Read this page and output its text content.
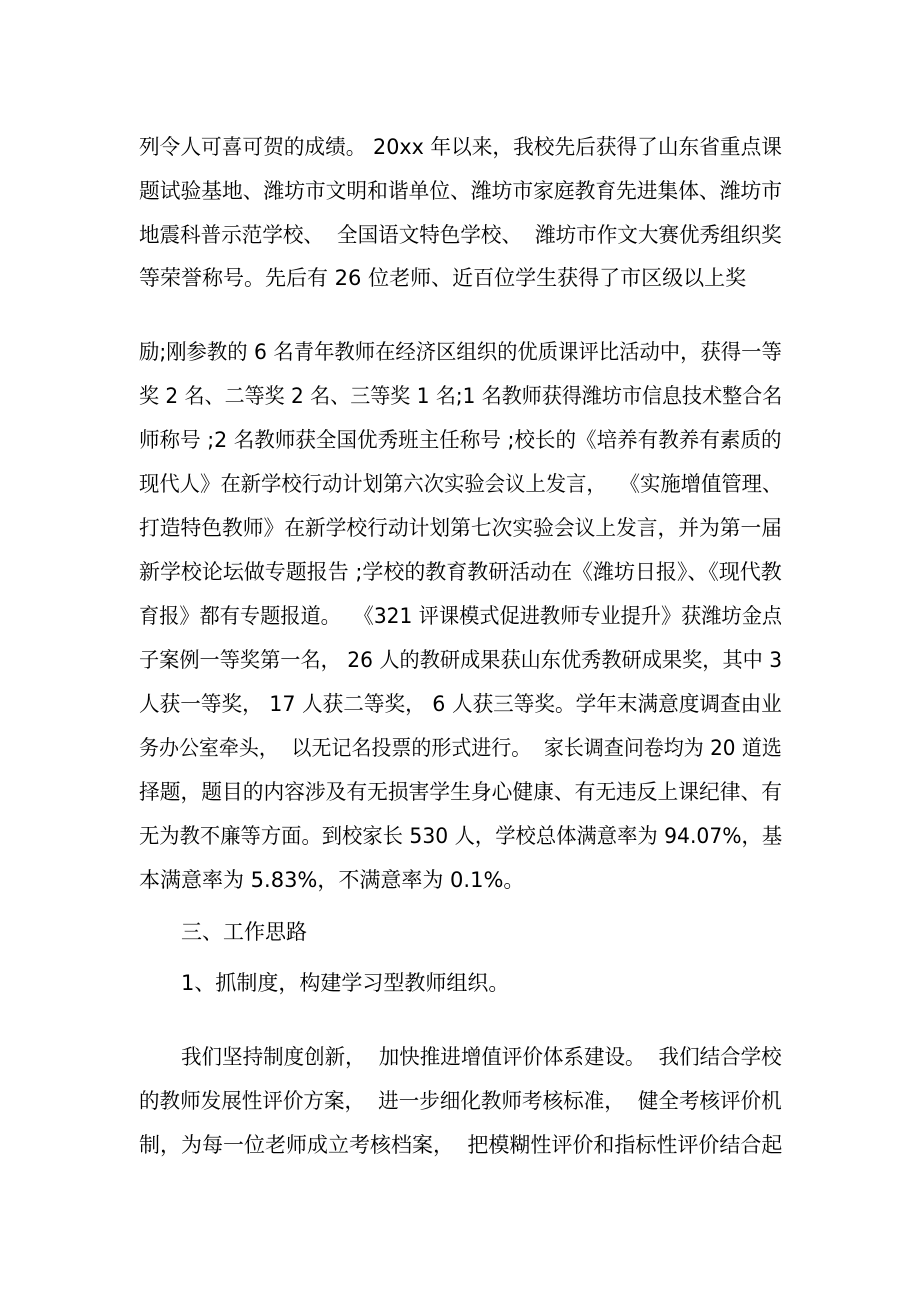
列令人可喜可贺的成绩。 20xx 年以来，我校先后获得了山东省重点课
题试验基地、潍坊市文明和谐单位、潍坊市家庭教育先进集体、潍坊市
地震科普示范学校、  全国语文特色学校、  潍坊市作文大赛优秀组织奖
等荣誉称号。先后有 26 位老师、近百位学生获得了市区级以上奖
励;刚参教的 6 名青年教师在经济区组织的优质课评比活动中，获得一等
奖 2 名、二等奖 2 名、三等奖 1 名;1 名教师获得潍坊市信息技术整合名
师称号 ;2 名教师获全国优秀班主任称号 ;校长的《培养有教养有素质的
现代人》在新学校行动计划第六次实验会议上发言，  《实施增值管理、
打造特色教师》在新学校行动计划第七次实验会议上发言，并为第一届
新学校论坛做专题报告 ;学校的教育教研活动在《潍坊日报》、《现代教
育报》都有专题报道。  《321 评课模式促进教师专业提升》获潍坊金点
子案例一等奖第一名， 26 人的教研成果获山东优秀教研成果奖，其中 3
人获一等奖， 17 人获二等奖， 6 人获三等奖。学年末满意度调查由业
务办公室牵头，  以无记名投票的形式进行。  家长调查问卷均为 20 道选
择题，题目的内容涉及有无损害学生身心健康、有无违反上课纪律、有
无为教不廉等方面。到校家长 530 人，学校总体满意率为 94.07%，基
本满意率为 5.83%，不满意率为 0.1%。
三、工作思路
1、抓制度，构建学习型教师组织。
我们坚持制度创新，  加快推进增值评价体系建设。  我们结合学校
的教师发展性评价方案，  进一步细化教师考核标准，  健全考核评价机
制，为每一位老师成立考核档案，  把模糊性评价和指标性评价结合起
